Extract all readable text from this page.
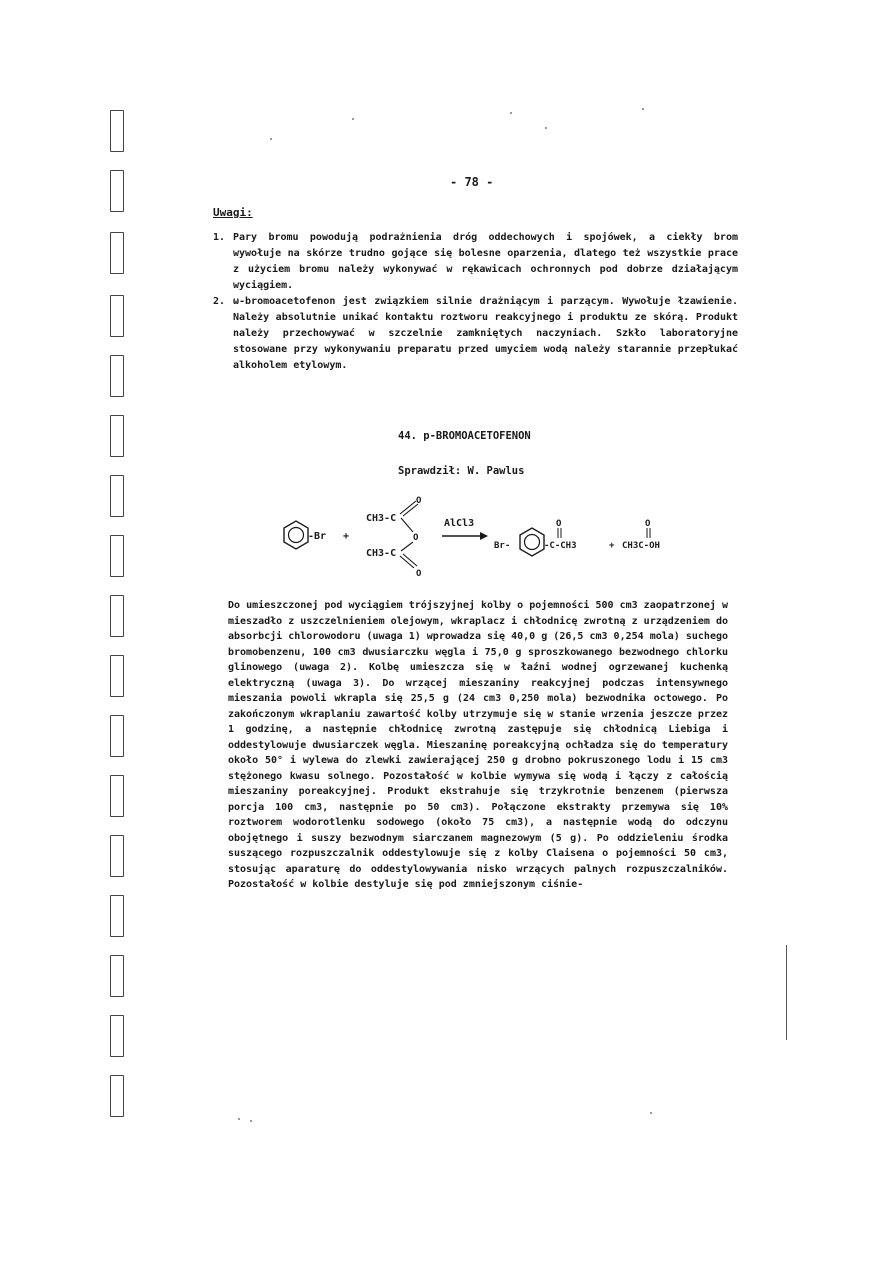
- 78 -
Uwagi:
1. Pary bromu powodują podrażnienia dróg oddechowych i spojówek, a ciekły brom wywołuje na skórze trudno gojące się bolesne oparzenia, dlatego też wszystkie prace z użyciem bromu należy wykonywać w rękawicach ochronnych pod dobrze działającym wyciągiem.
2. ω-bromoacetofenon jest związkiem silnie drażniącym i parzącym. Wywołuje łzawienie. Należy absolutnie unikać kontaktu roztworu reakcyjnego i produktu ze skórą. Produkt należy przechowywać w szczelnie zamkniętych naczyniach. Szkło laboratoryjne stosowane przy wykonywaniu preparatu przed umyciem wodą należy starannie przepłukać alkoholem etylowym.
44. p-BROMOACETOFENON
Sprawdził: W. Pawlus
-Br +
CH3-C
CH3-C
O
O
O
AlCl3
Br-	-C-CH3
O
+ CH3C-OH
O

Do umieszczonej pod wyciągiem trójszyjnej kolby o pojemności 500 cm3 zaopatrzonej w mieszadło z uszczelnieniem olejowym, wkraplacz i chłodnicę zwrotną z urządzeniem do absorbcji chlorowodoru (uwaga 1) wprowadza się 40,0 g (26,5 cm3 0,254 mola) suchego bromobenzenu, 100 cm3 dwusiarczku węgla i 75,0 g sproszkowanego bezwodnego chlorku glinowego (uwaga 2). Kolbę umieszcza się w łaźni wodnej ogrzewanej kuchenką elektryczną (uwaga 3). Do wrzącej mieszaniny reakcyjnej podczas intensywnego mieszania powoli wkrapla się 25,5 g (24 cm3 0,250 mola) bezwodnika octowego. Po zakończonym wkraplaniu zawartość kolby utrzymuje się w stanie wrzenia jeszcze przez 1 godzinę, a następnie chłodnicę zwrotną zastępuje się chłodnicą Liebiga i oddestylowuje dwusiarczek węgla. Mieszaninę poreakcyjną ochładza się do temperatury około 50° i wylewa do zlewki zawierającej 250 g drobno pokruszonego lodu i 15 cm3 stężonego kwasu solnego. Pozostałość w kolbie wymywa się wodą i łączy z całością mieszaniny poreakcyjnej. Produkt ekstrahuje się trzykrotnie benzenem (pierwsza porcja 100 cm3, następnie po 50 cm3). Połączone ekstrakty przemywa się 10% roztworem wodorotlenku sodowego (około 75 cm3), a następnie wodą do odczynu obojętnego i suszy bezwodnym siarczanem magnezowym (5 g). Po oddzieleniu środka suszącego rozpuszczalnik oddestylowuje się z kolby Claisena o pojemności 50 cm3, stosując aparaturę do oddestylowywania nisko wrzących palnych rozpuszczalników. Pozostałość w kolbie destyluje się pod zmniejszonym ciśnie-
